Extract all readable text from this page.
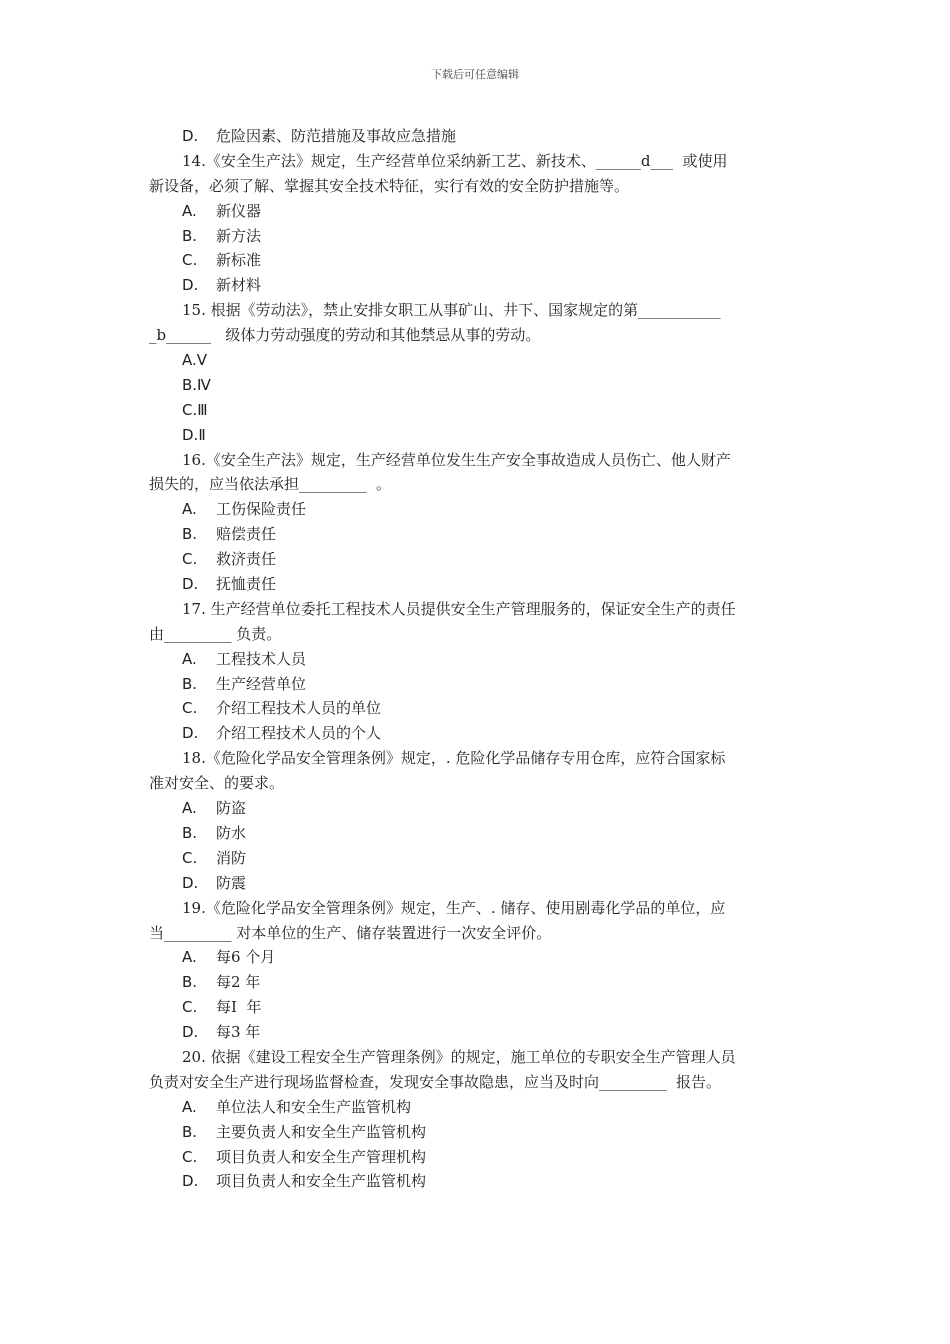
下载后可任意编辑
D. 危险因素、防范措施及事故应急措施
14.《安全生产法》规定，生产经营单位采纳新工艺、新技术、______d___  或使用
新设备，必须了解、掌握其安全技术特征，实行有效的安全防护措施等。
A. 新仪器
B. 新方法
C. 新标准
D. 新材料
15. 根据《劳动法》，禁止安排女职工从事矿山、井下、国家规定的第___________
_b______   级体力劳动强度的劳动和其他禁忌从事的劳动。
A.V
B.Ⅳ
C.Ⅲ
D.Ⅱ
16.《安全生产法》规定，生产经营单位发生生产安全事故造成人员伤亡、他人财产
损失的，应当依法承担_________  。
A. 工伤保险责任
B. 赔偿责任
C. 救济责任
D. 抚恤责任
17. 生产经营单位委托工程技术人员提供安全生产管理服务的，保证安全生产的责任
由_________ 负责。
A. 工程技术人员
B. 生产经营单位
C. 介绍工程技术人员的单位
D. 介绍工程技术人员的个人
18.《危险化学品安全管理条例》规定，. 危险化学品储存专用仓库，应符合国家标
准对安全、的要求。
A. 防盗
B. 防水
C. 消防
D. 防震
19.《危险化学品安全管理条例》规定，生产、. 储存、使用剧毒化学品的单位，应
当_________ 对本单位的生产、储存装置进行一次安全评价。
A. 每6 个月
B. 每2 年
C. 每I  年
D. 每3 年
20. 依据《建设工程安全生产管理条例》的规定，施工单位的专职安全生产管理人员
负责对安全生产进行现场监督检查，发现安全事故隐患，应当及时向_________  报告。
A. 单位法人和安全生产监管机构
B. 主要负责人和安全生产监管机构
C. 项目负责人和安全生产管理机构
D. 项目负责人和安全生产监管机构
